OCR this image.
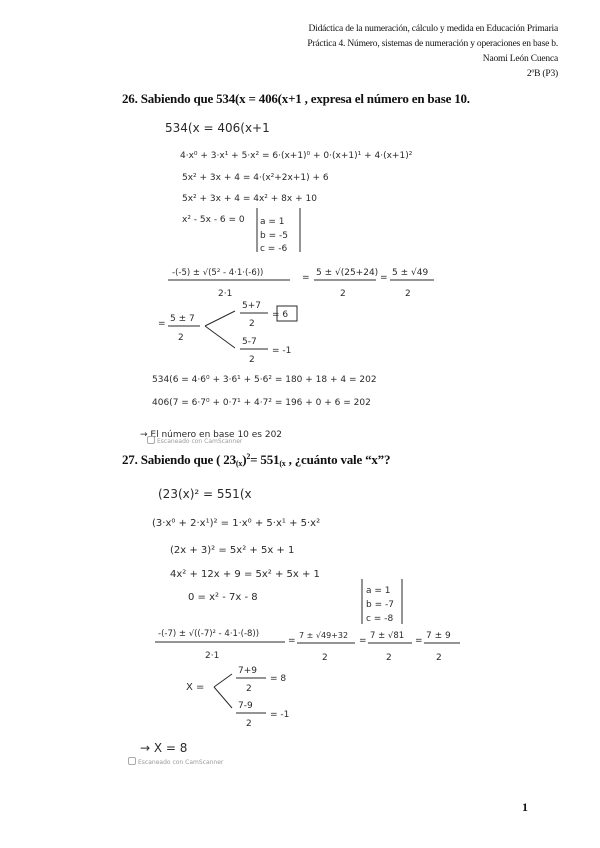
Didáctica de la numeración, cálculo y medida en Educación Primaria
Práctica 4. Número, sistemas de numeración y operaciones en base b.
Naomi León Cuenca
2ºB (P3)
26. Sabiendo que 534(x = 406(x+1 , expresa el número en base 10.
534(x = 406(x+1
4·x⁰ + 3·x¹ + 5·x² = 6·(x+1)⁰ + 0·(x+1)¹ + 4·(x+1)²
5x² + 3x + 4 = 4·(x²+2x+1) + 6
5x² + 3x + 4 = 4x² + 8x + 10
x² - 5x - 6 = 0 a = 1
b = -5
c = -6
-(-5) ± √(5² - 4·1·(-6))
2·1
= 5 ± √(25+24)
2
= 5 ± √49
2
= 5 ± 7
2
5+7
2
= 6
5-7
2
= -1
534(6 = 4·6⁰ + 3·6¹ + 5·6² = 180 + 18 + 4 = 202
406(7 = 6·7⁰ + 0·7¹ + 4·7² = 196 + 0 + 6 = 202
→ El número en base 10 es 202
Escaneado con CamScanner
27. Sabiendo que ( $23_{(x})^2= 551_{(x}$ , ¿cuánto vale “x”?
(23(x)² = 551(x
(3·x⁰ + 2·x¹)² = 1·x⁰ + 5·x¹ + 5·x²
(2x + 3)² = 5x² + 5x + 1
4x² + 12x + 9 = 5x² + 5x + 1
0 = x² - 7x - 8
a = 1
b = -7
c = -8
-(-7) ± √((-7)² - 4·1·(-8))
2·1
=
7 ± √49+32
2
= 7 ± √81
2
= 7 ± 9
2
X =
7+9
2
= 8
7-9
2
= -1
→ X = 8
Escaneado con CamScanner
1
